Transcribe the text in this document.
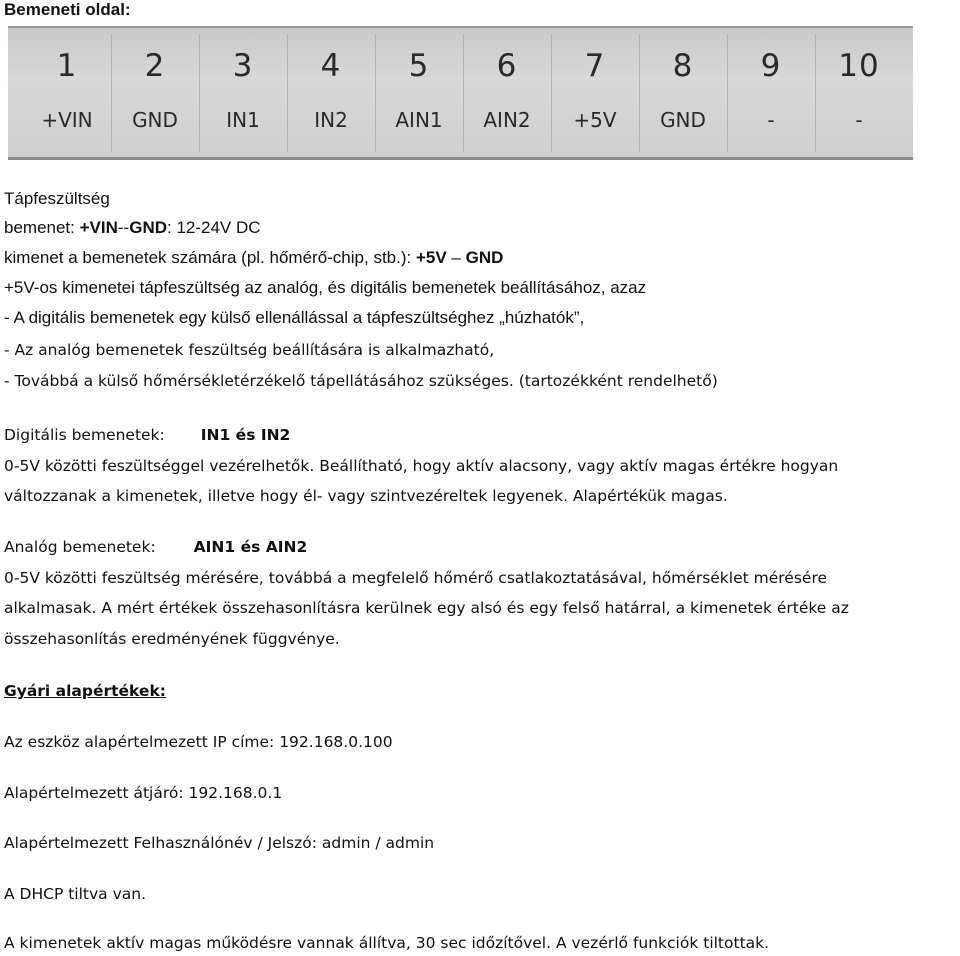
Bemeneti oldal:
1
+VIN
2
GND
3
IN1
4
IN2
5
AIN1
6
AIN2
7
+5V
8
GND
9
-
10
-
Tápfeszültség
bemenet: +VIN--GND: 12-24V DC
kimenet a bemenetek számára (pl. hőmérő-chip, stb.): +5V – GND
+5V-os kimenetei tápfeszültség az analóg, és digitális bemenetek beállításához, azaz
- A digitális bemenetek egy külső ellenállással a tápfeszültséghez „húzhatók”,
- Az analóg bemenetek feszültség beállítására is alkalmazható,
- Továbbá a külső hőmérsékletérzékelő tápellátásához szükséges. (tartozékként rendelhető)
Digitális bemenetek: IN1 és IN2
0-5V közötti feszültséggel vezérelhetők. Beállítható, hogy aktív alacsony, vagy aktív magas értékre hogyan
változzanak a kimenetek, illetve hogy él- vagy szintvezéreltek legyenek. Alapértékük magas.
Analóg bemenetek: AIN1 és AIN2
0-5V közötti feszültség mérésére, továbbá a megfelelő hőmérő csatlakoztatásával, hőmérséklet mérésére
alkalmasak. A mért értékek összehasonlításra kerülnek egy alsó és egy felső határral, a kimenetek értéke az
összehasonlítás eredményének függvénye.
Gyári alapértékek:
Az eszköz alapértelmezett IP címe: 192.168.0.100
Alapértelmezett átjáró: 192.168.0.1
Alapértelmezett Felhasználónév / Jelszó: admin / admin
A DHCP tiltva van.
A kimenetek aktív magas működésre vannak állítva, 30 sec időzítővel. A vezérlő funkciók tiltottak.
